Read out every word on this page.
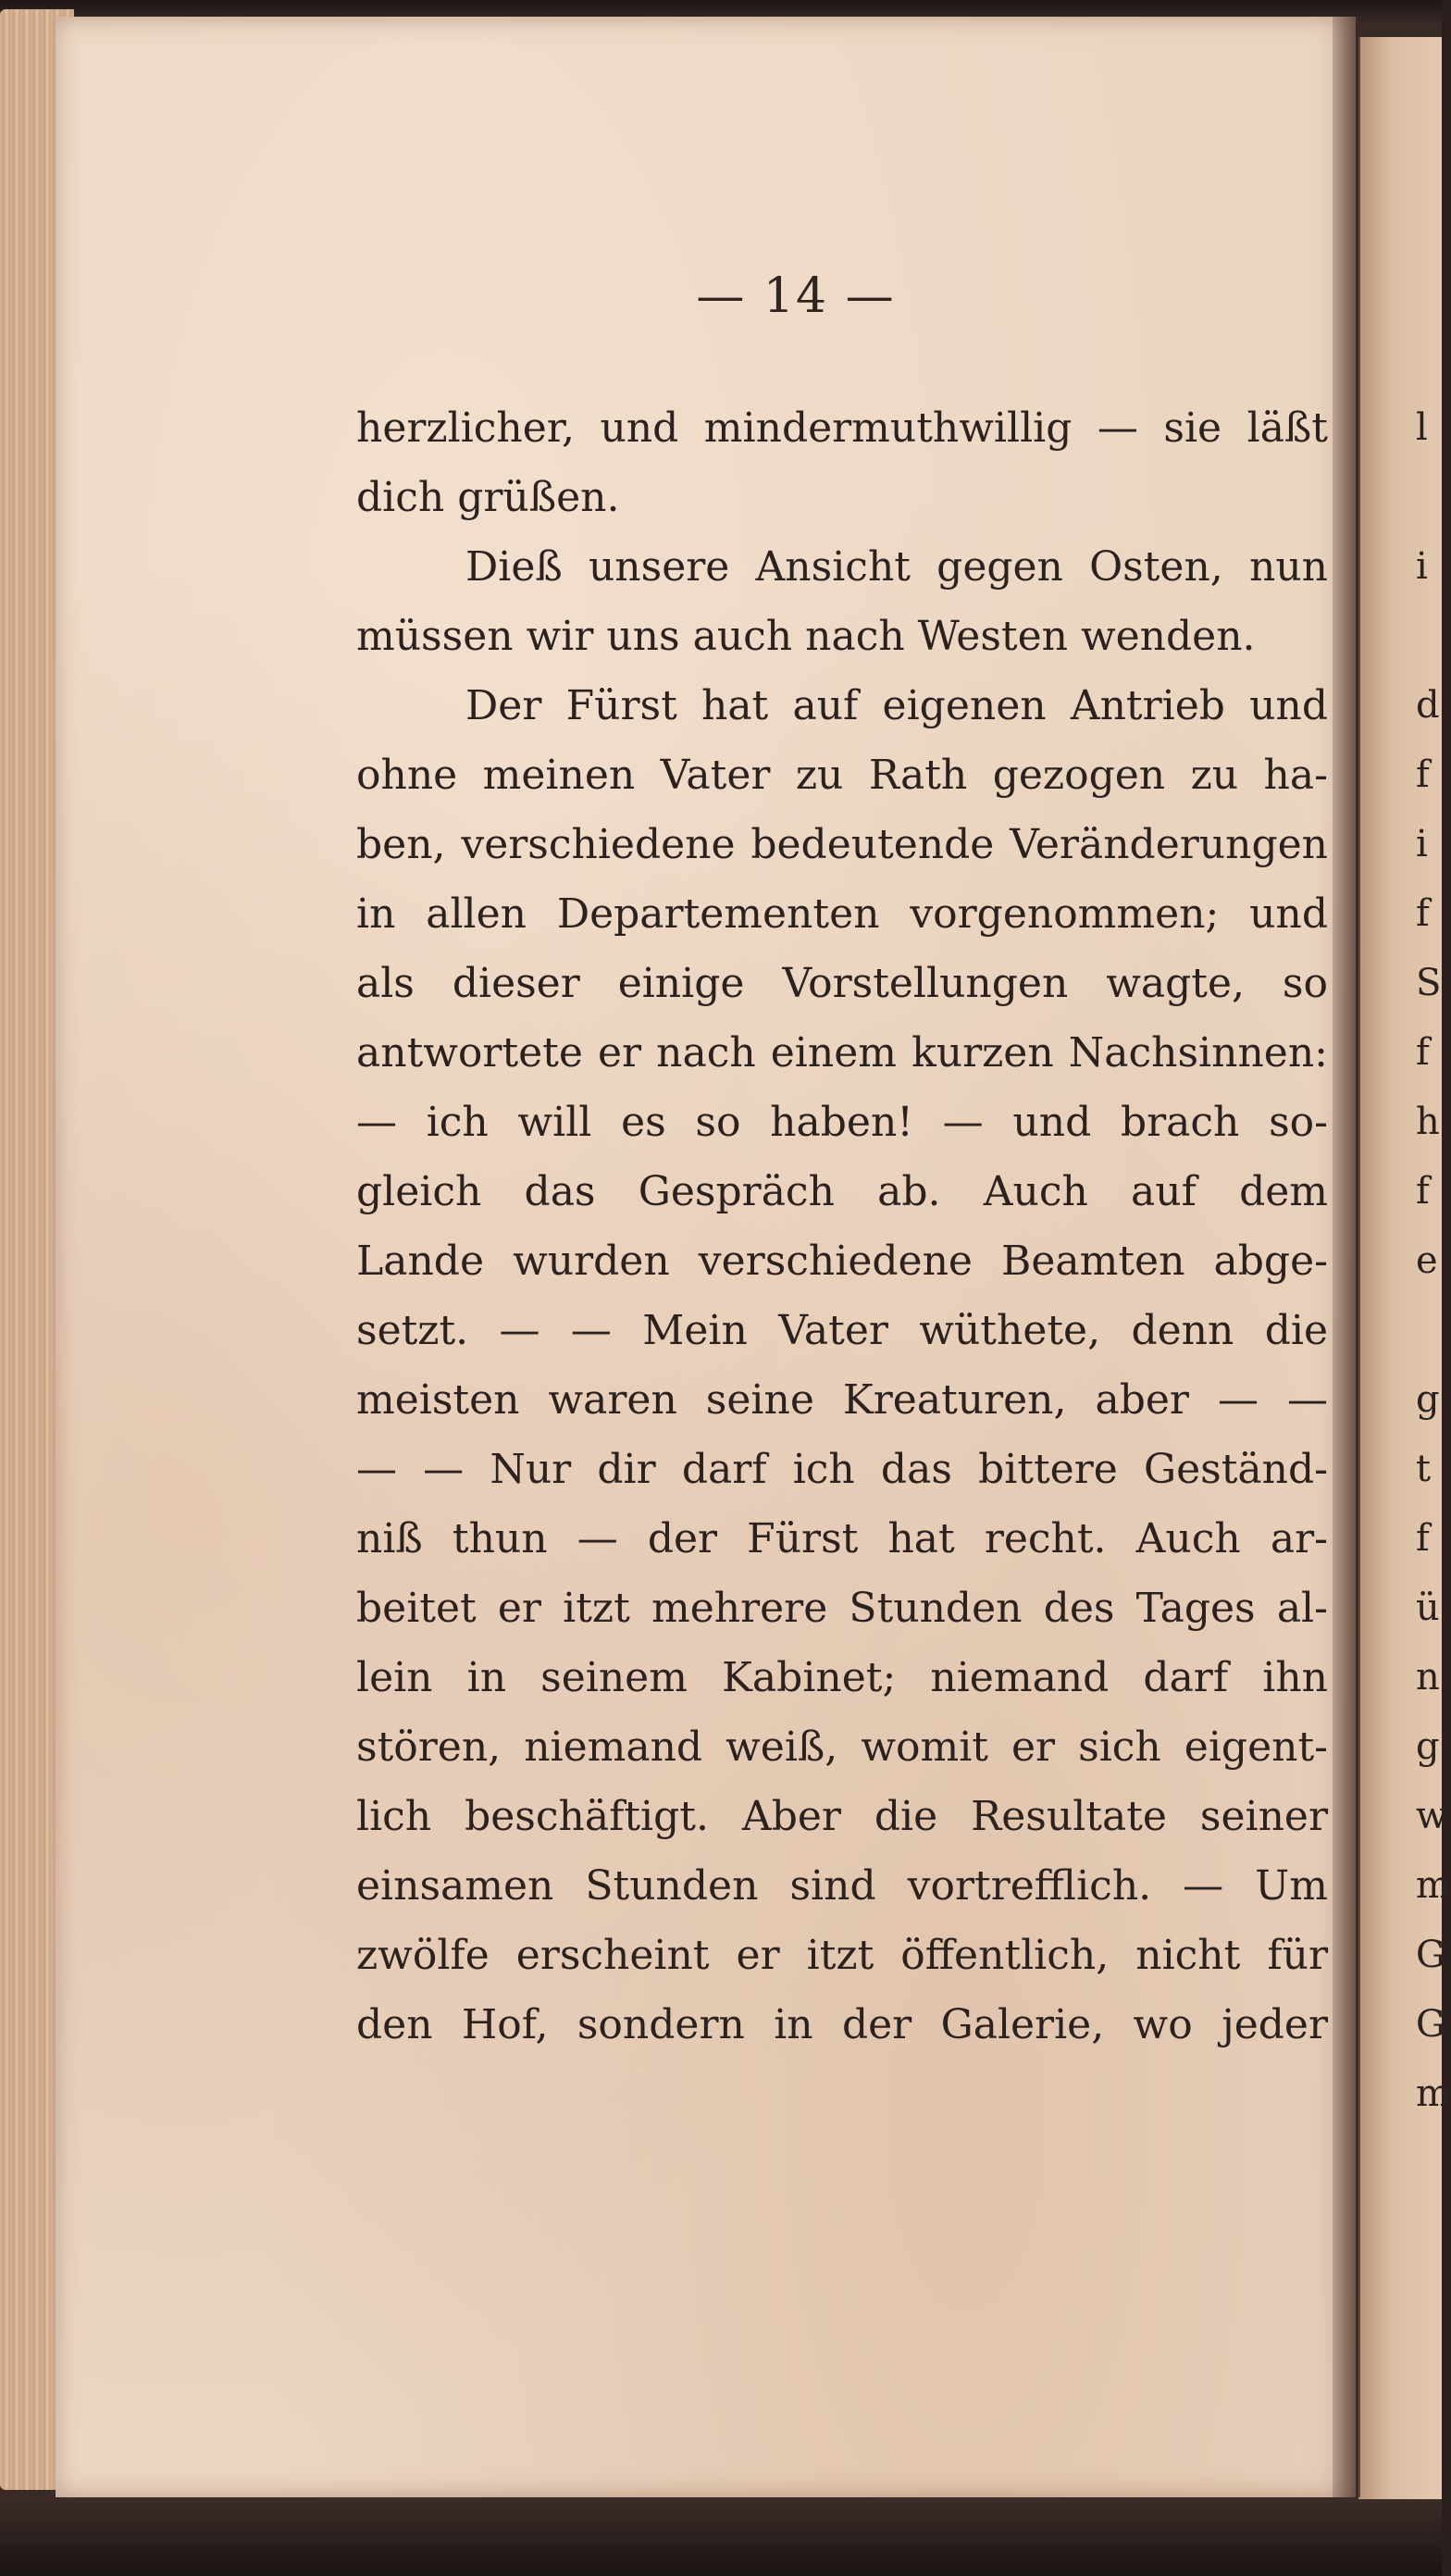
— 14 —
herzlicher, und mindermuthwillig — sie läßt
dich grüßen.
Dieß unsere Ansicht gegen Osten, nun
müssen wir uns auch nach Westen wenden.
Der Fürst hat auf eigenen Antrieb und
ohne meinen Vater zu Rath gezogen zu ha-
ben, verschiedene bedeutende Veränderungen
in allen Departementen vorgenommen; und
als dieser einige Vorstellungen wagte, so
antwortete er nach einem kurzen Nachsinnen:
— ich will es so haben! — und brach so-
gleich das Gespräch ab. Auch auf dem
Lande wurden verschiedene Beamten abge-
setzt. — — Mein Vater wüthete, denn die
meisten waren seine Kreaturen, aber — —
— — Nur dir darf ich das bittere Geständ-
niß thun — der Fürst hat recht. Auch ar-
beitet er itzt mehrere Stunden des Tages al-
lein in seinem Kabinet; niemand darf ihn
stören, niemand weiß, womit er sich eigent-
lich beschäftigt. Aber die Resultate seiner
einsamen Stunden sind vortrefflich. — Um
zwölfe erscheint er itzt öffentlich, nicht für
den Hof, sondern in der Galerie, wo jeder
l
i
d
f
i
f
S
f
h
f
e
g
t
f
ü
n
g
w
m
G
G
m
